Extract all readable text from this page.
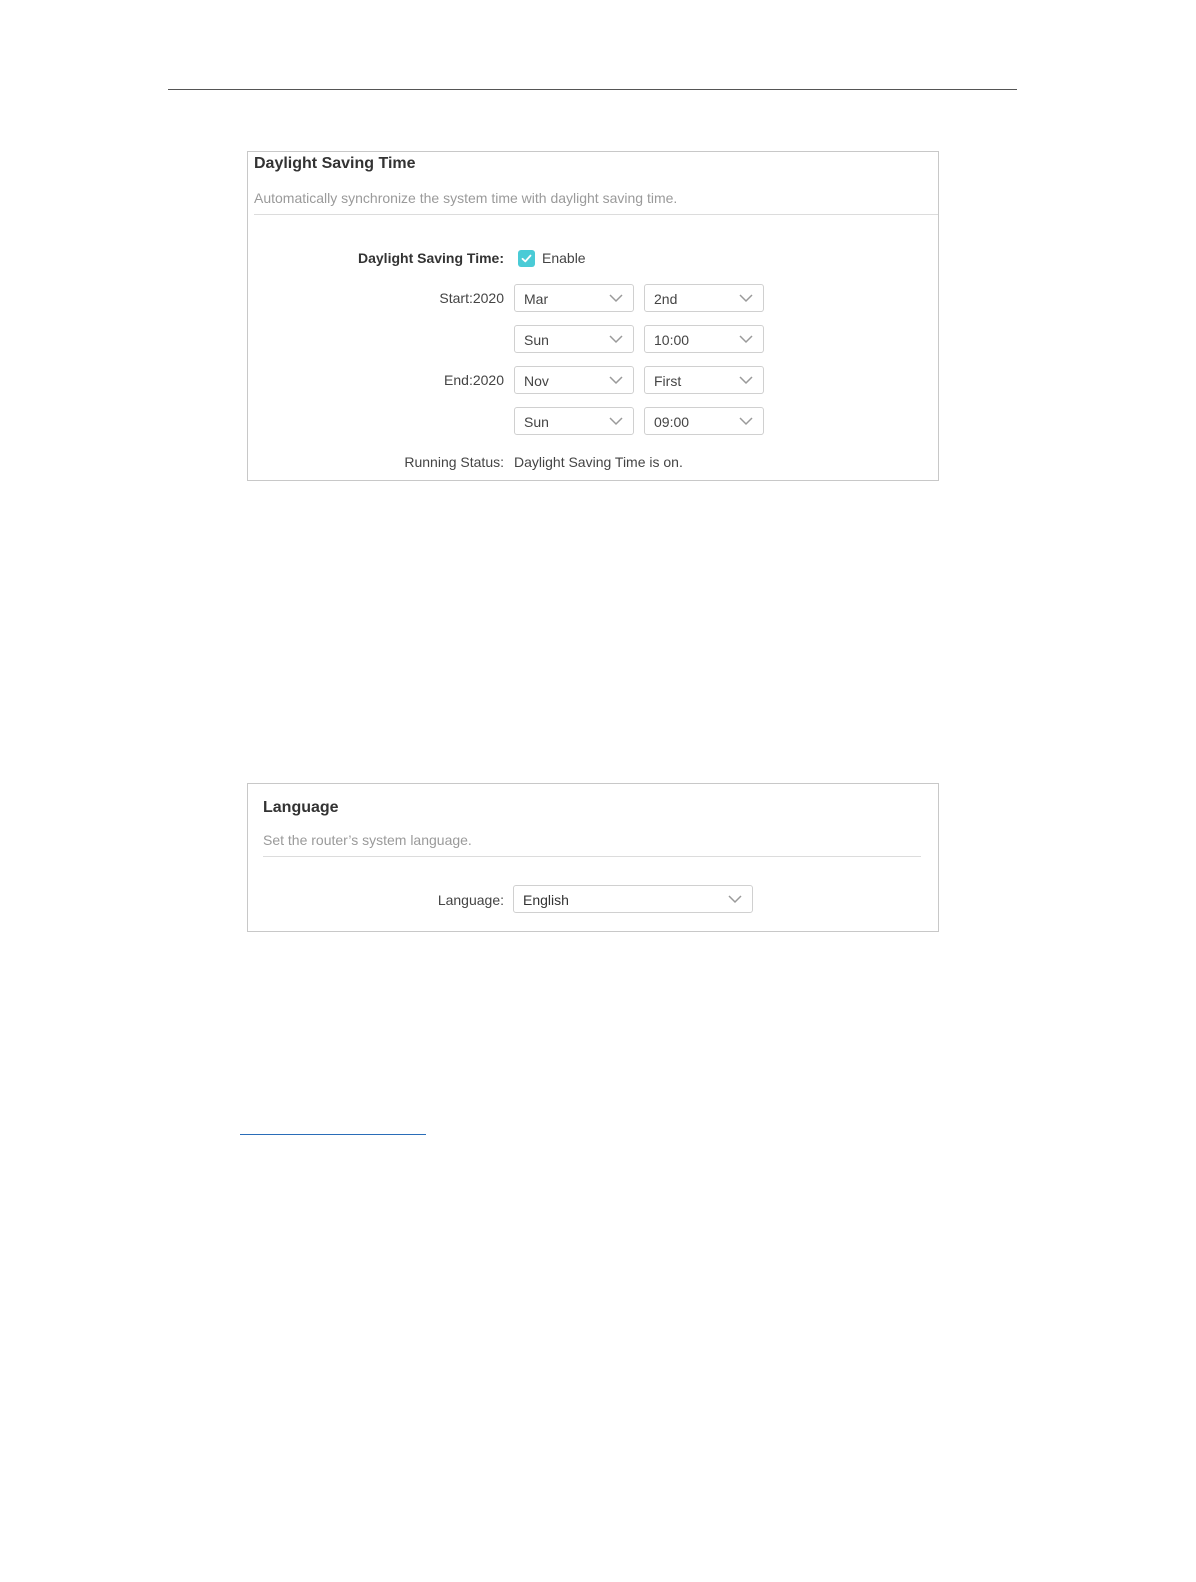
Daylight Saving Time
Automatically synchronize the system time with daylight saving time.
Daylight Saving Time:	Enable
Start:2020 Mar	2nd
Sun	10:00
End:2020 Nov	First
Sun	09:00
Running Status: Daylight Saving Time is on.
Language
Set the router’s system language.
Language: English
